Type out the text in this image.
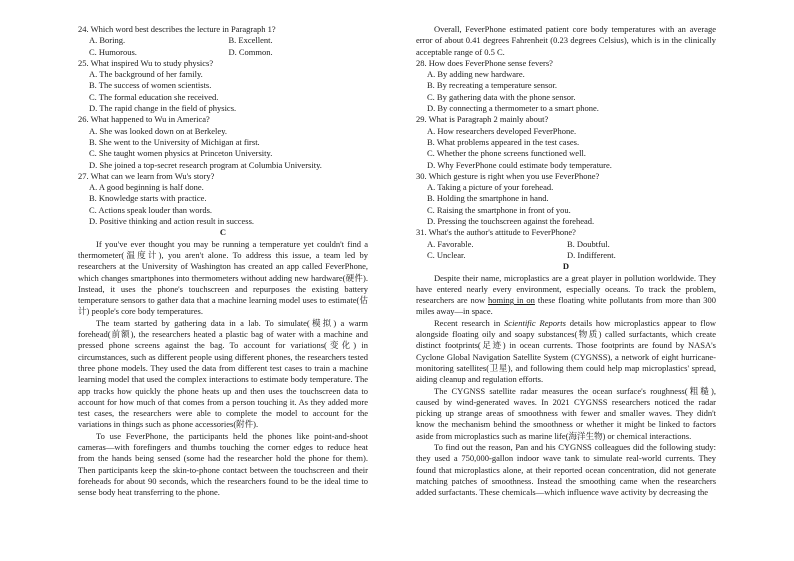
24. Which word best describes the lecture in Paragraph 1?

A. Boring.	B. Excellent.
C. Humorous.	D. Common.

25. What inspired Wu to study physics?

A. The background of her family.

B. The success of women scientists.

C. The formal education she received.

D. The rapid change in the field of physics.

26. What happened to Wu in America?

A. She was looked down on at Berkeley.

B. She went to the University of Michigan at first.

C. She taught women physics at Princeton University.

D. She joined a top-secret research program at Columbia University.

27. What can we learn from Wu's story?

A. A good beginning is half done.

B. Knowledge starts with practice.

C. Actions speak louder than words.

D. Positive thinking and action result in success.

C

If you've ever thought you may be running a temperature yet couldn't find a thermometer(温度计), you aren't alone. To address this issue, a team led by researchers at the University of Washington has created an app called FeverPhone, which changes smartphones into thermometers without adding new hardware(硬件). Instead, it uses the phone's touchscreen and repurposes the existing battery temperature sensors to gather data that a machine learning model uses to estimate(估计) people's core body temperatures.

The team started by gathering data in a lab. To simulate(模拟) a warm forehead(前额), the researchers heated a plastic bag of water with a machine and pressed phone screens against the bag. To account for variations(变化) in circumstances, such as different people using different phones, the researchers tested three phone models. They used the data from different test cases to train a machine learning model that used the complex interactions to estimate body temperature. The app tracks how quickly the phone heats up and then uses the touchscreen data to account for how much of that comes from a person touching it. As they added more test cases, the researchers were able to complete the model to account for the variations in things such as phone accessories(附件).

To use FeverPhone, the participants held the phones like point-and-shoot cameras—with forefingers and thumbs touching the corner edges to reduce heat from the hands being sensed (some had the researcher hold the phone for them). Then participants keep the skin-to-phone contact between the touchscreen and their foreheads for about 90 seconds, which the researchers found to be the ideal time to sense body heat transferring to the phone.

Overall, FeverPhone estimated patient core body temperatures with an average error of about 0.41 degrees Fahrenheit (0.23 degrees Celsius), which is in the clinically acceptable range of 0.5 C.

28. How does FeverPhone sense fevers?

A. By adding new hardware.

B. By recreating a temperature sensor.

C. By gathering data with the phone sensor.

D. By connecting a thermometer to a smart phone.

29. What is Paragraph 2 mainly about?

A. How researchers developed FeverPhone.

B. What problems appeared in the test cases.

C. Whether the phone screens functioned well.

D. Why FeverPhone could estimate body temperature.

30. Which gesture is right when you use FeverPhone?

A. Taking a picture of your forehead.

B. Holding the smartphone in hand.

C. Raising the smartphone in front of you.

D. Pressing the touchscreen against the forehead.

31. What's the author's attitude to FeverPhone?

A. Favorable.	B. Doubtful.
C. Unclear.	D. Indifferent.

D

Despite their name, microplastics are a great player in pollution worldwide. They have entered nearly every environment, especially oceans. To track the problem, researchers are now homing in on these floating white pollutants from more than 300 miles away—in space.

Recent research in Scientific Reports details how microplastics appear to flow alongside floating oily and soapy substances(物质) called surfactants, which create distinct footprints(足迹) in ocean currents. Those footprints are found by NASA's Cyclone Global Navigation Satellite System (CYGNSS), a network of eight hurricane-monitoring satellites(卫星), and following them could help map microplastics' spread, aiding cleanup and regulation efforts.

The CYGNSS satellite radar measures the ocean surface's roughness(粗糙), caused by wind-generated waves. In 2021 CYGNSS researchers noticed the radar picking up strange areas of smoothness with fewer and smaller waves. They didn't know the mechanism behind the smoothness or whether it might be linked to factors aside from microplastics such as marine life(海洋生物) or chemical interactions.

To find out the reason, Pan and his CYGNSS colleagues did the following study: they used a 750,000-gallon indoor wave tank to simulate real-world currents. They found that microplastics alone, at their reported ocean concentration, did not generate matching patches of smoothness. Instead the smoothing came when the researchers added surfactants. These chemicals—which influence wave activity by decreasing the
